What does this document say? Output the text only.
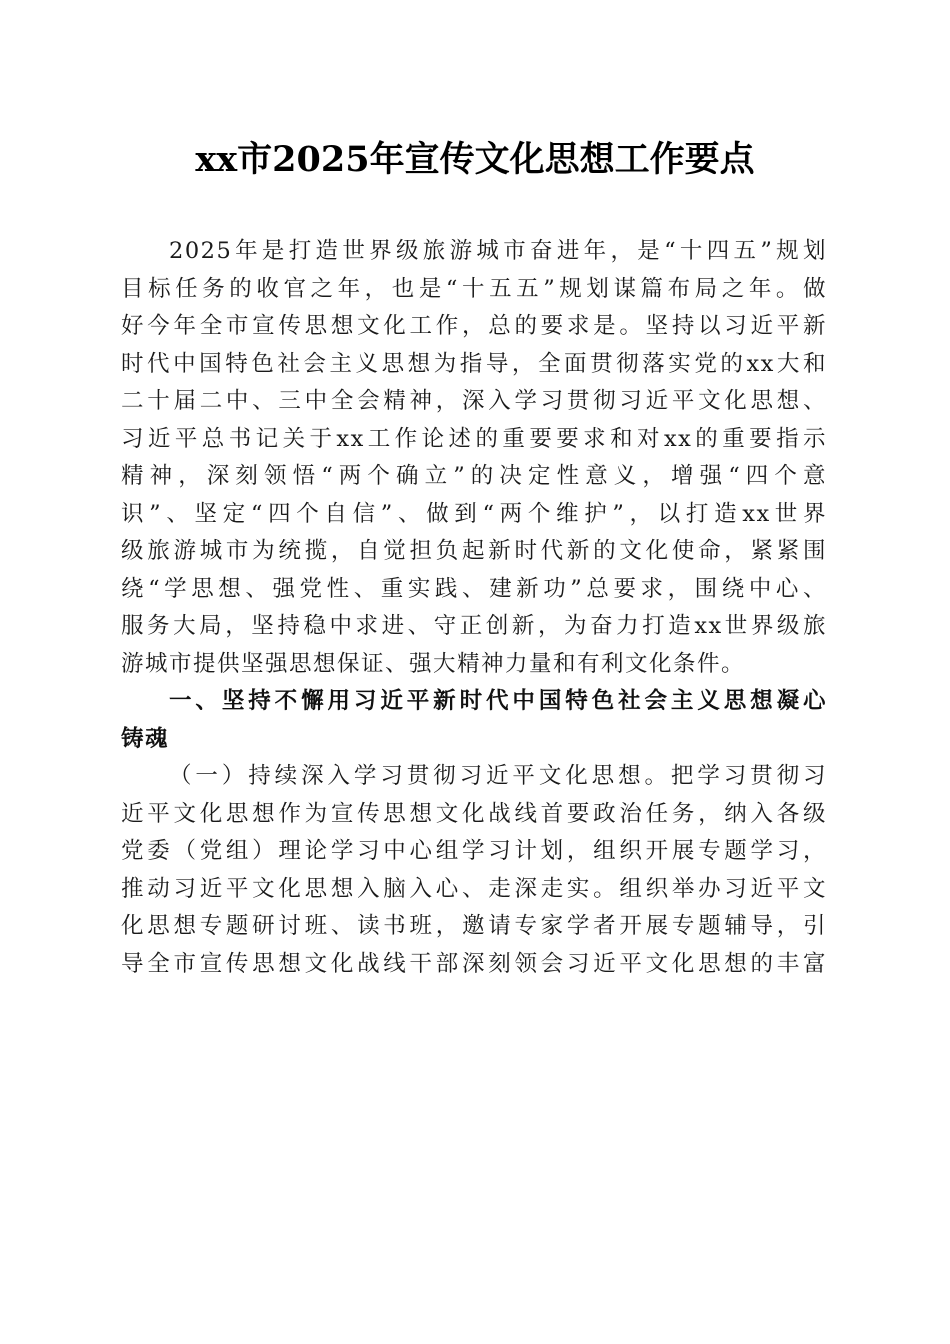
xx市2025年宣传文化思想工作要点
2025年是打造世界级旅游城市奋进年，是“十四五”规划
目标任务的收官之年，也是“十五五”规划谋篇布局之年。做
好今年全市宣传思想文化工作，总的要求是。坚持以习近平新
时代中国特色社会主义思想为指导，全面贯彻落实党的xx大和
二十届二中、三中全会精神，深入学习贯彻习近平文化思想、
习近平总书记关于xx工作论述的重要要求和对xx的重要指示
精神，深刻领悟“两个确立”的决定性意义，增强“四个意
识”、坚定“四个自信”、做到“两个维护”，以打造xx世界
级旅游城市为统揽，自觉担负起新时代新的文化使命，紧紧围
绕“学思想、强党性、重实践、建新功”总要求，围绕中心、
服务大局，坚持稳中求进、守正创新，为奋力打造xx世界级旅
游城市提供坚强思想保证、强大精神力量和有利文化条件。
一、坚持不懈用习近平新时代中国特色社会主义思想凝心
铸魂
（一）持续深入学习贯彻习近平文化思想。把学习贯彻习
近平文化思想作为宣传思想文化战线首要政治任务，纳入各级
党委（党组）理论学习中心组学习计划，组织开展专题学习，
推动习近平文化思想入脑入心、走深走实。组织举办习近平文
化思想专题研讨班、读书班，邀请专家学者开展专题辅导，引
导全市宣传思想文化战线干部深刻领会习近平文化思想的丰富
